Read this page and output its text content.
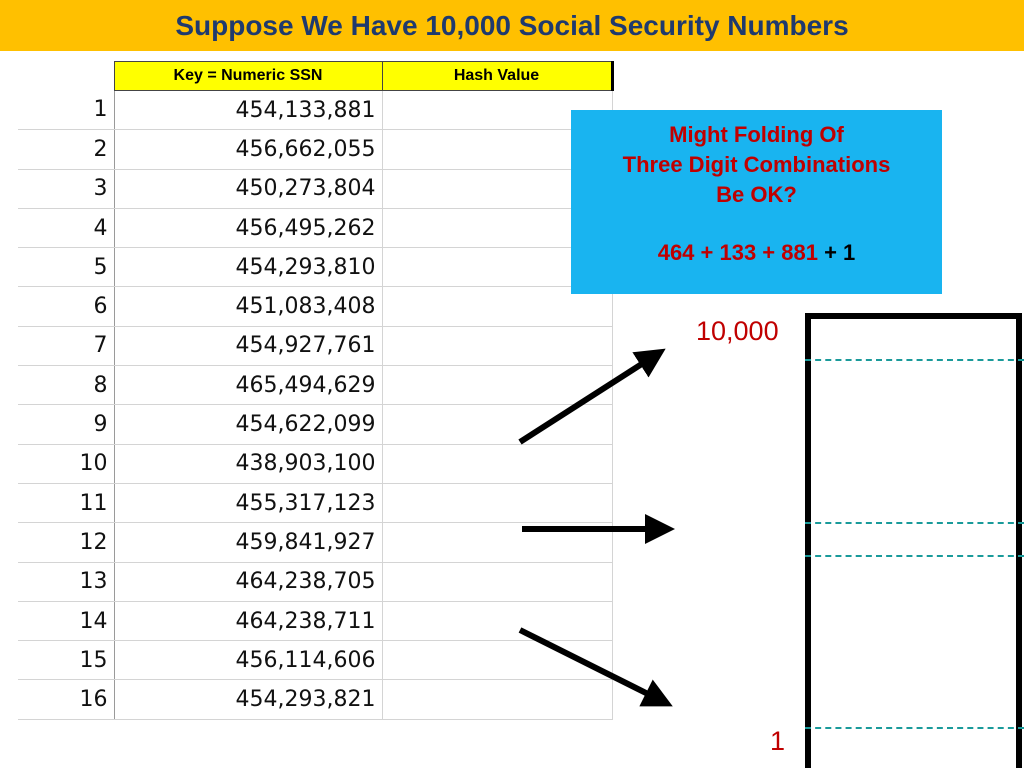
Suppose We Have 10,000 Social Security Numbers
	Key = Numeric SSN	Hash Value
1	454,133,881	
2	456,662,055	
3	450,273,804	
4	456,495,262	
5	454,293,810	
6	451,083,408	
7	454,927,761	
8	465,494,629	
9	454,622,099	
10	438,903,100	
11	455,317,123	
12	459,841,927	
13	464,238,705	
14	464,238,711	
15	456,114,606	
16	454,293,821	
Might Folding Of
Three Digit Combinations
Be OK?
464 + 133 + 881 + 1
10,000
1
